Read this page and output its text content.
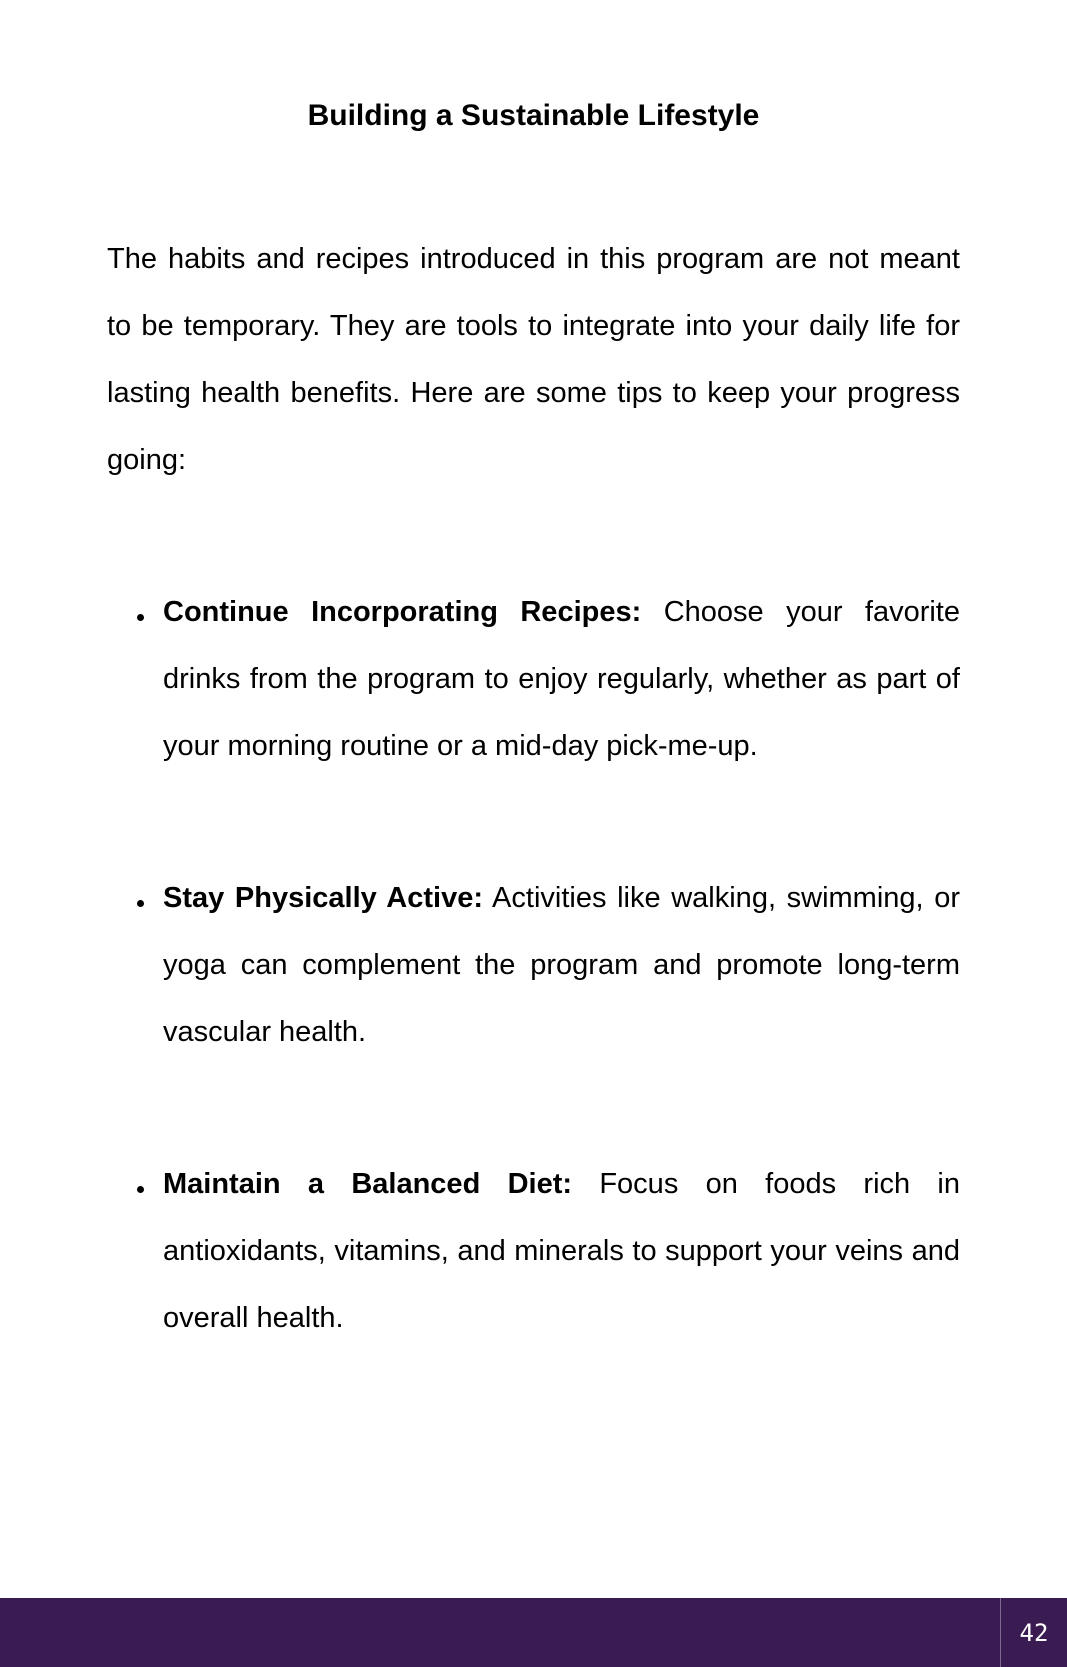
Building a Sustainable Lifestyle

The habits and recipes introduced in this program are not meant to be temporary. They are tools to integrate into your daily life for lasting health benefits. Here are some tips to keep your progress going:

Continue Incorporating Recipes: Choose your favorite drinks from the program to enjoy regularly, whether as part of your morning routine or a mid-day pick-me-up.
Stay Physically Active: Activities like walking, swimming, or yoga can complement the program and promote long-term vascular health.
Maintain a Balanced Diet: Focus on foods rich in antioxidants, vitamins, and minerals to support your veins and overall health.
42
